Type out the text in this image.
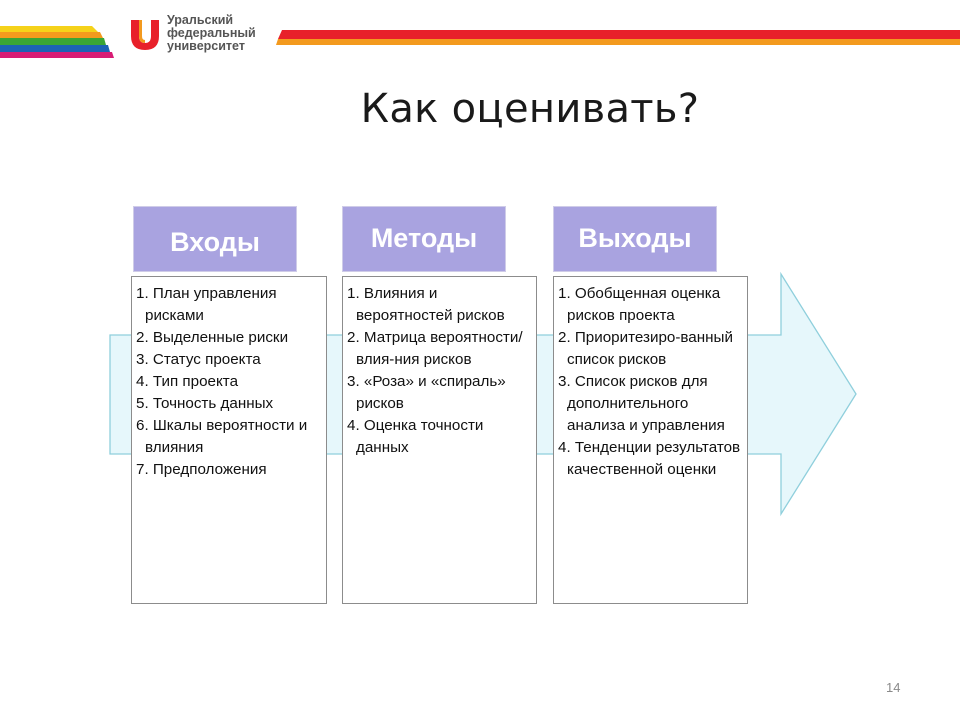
Уральский
федеральный
университет
Как оценивать?
Входы	Методы	Выходы
1. План управления рисками
2. Выделенные риски
3. Статус проекта
4. Тип проекта
5. Точность данных
6. Шкалы вероятности и влияния
7. Предположения
1. Влияния и вероятностей рисков
2. Матрица вероятности/влия-ния рисков
3. «Роза» и «спираль» рисков
4. Оценка точности данных
1. Обобщенная оценка рисков проекта
2. Приоритезиро-ванный список рисков
3. Список рисков для дополнительного анализа и управления
4. Тенденции результатов качественной оценки
14
